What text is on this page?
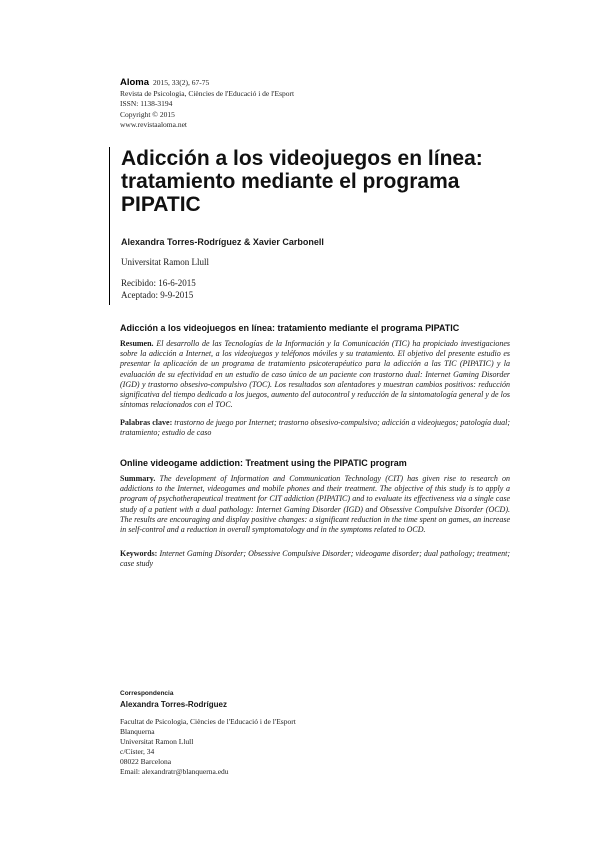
Aloma 2015, 33(2), 67-75
Revista de Psicologia, Ciències de l'Educació i de l'Esport
ISSN: 1138-3194
Copyright © 2015
www.revistaaloma.net
Adicción a los videojuegos en línea: tratamiento mediante el programa PIPATIC
Alexandra Torres-Rodríguez & Xavier Carbonell
Universitat Ramon Llull
Recibido: 16-6-2015
Aceptado: 9-9-2015
Adicción a los videojuegos en línea: tratamiento mediante el programa PIPATIC

Resumen. El desarrollo de las Tecnologías de la Información y la Comunicación (TIC) ha propiciado investigaciones sobre la adicción a Internet, a los videojuegos y teléfonos móviles y su tratamiento. El objetivo del presente estudio es presentar la aplicación de un programa de tratamiento psicoterapéutico para la adicción a las TIC (PIPATIC) y la evaluación de su efectividad en un estudio de caso único de un paciente con trastorno dual: Internet Gaming Disorder (IGD) y trastorno obsesivo-compulsivo (TOC). Los resultados son alentadores y muestran cambios positivos: reducción significativa del tiempo dedicado a los juegos, aumento del autocontrol y reducción de la sintomatología general y de los síntomas relacionados con el TOC.

Palabras clave: trastorno de juego por Internet; trastorno obsesivo-compulsivo; adicción a videojuegos; patología dual; tratamiento; estudio de caso

Online videogame addiction: Treatment using the PIPATIC program

Summary. The development of Information and Communication Technology (CIT) has given rise to research on addictions to the Internet, videogames and mobile phones and their treatment. The objective of this study is to apply a program of psychotherapeutical treatment for CIT addiction (PIPATIC) and to evaluate its effectiveness via a single case study of a patient with a dual pathology: Internet Gaming Disorder (IGD) and Obsessive Compulsive Disorder (OCD). The results are encouraging and display positive changes: a significant reduction in the time spent on games, an increase in self-control and a reduction in overall symptomatology and in the symptoms related to OCD.

Keywords: Internet Gaming Disorder; Obsessive Compulsive Disorder; videogame disorder; dual pathology; treatment; case study

Correspondencia
Alexandra Torres-Rodríguez
Facultat de Psicologia, Ciències de l'Educació i de l'Esport
Blanquerna
Universitat Ramon Llull
c/Císter, 34
08022 Barcelona
Email: alexandratr@blanquerna.edu
